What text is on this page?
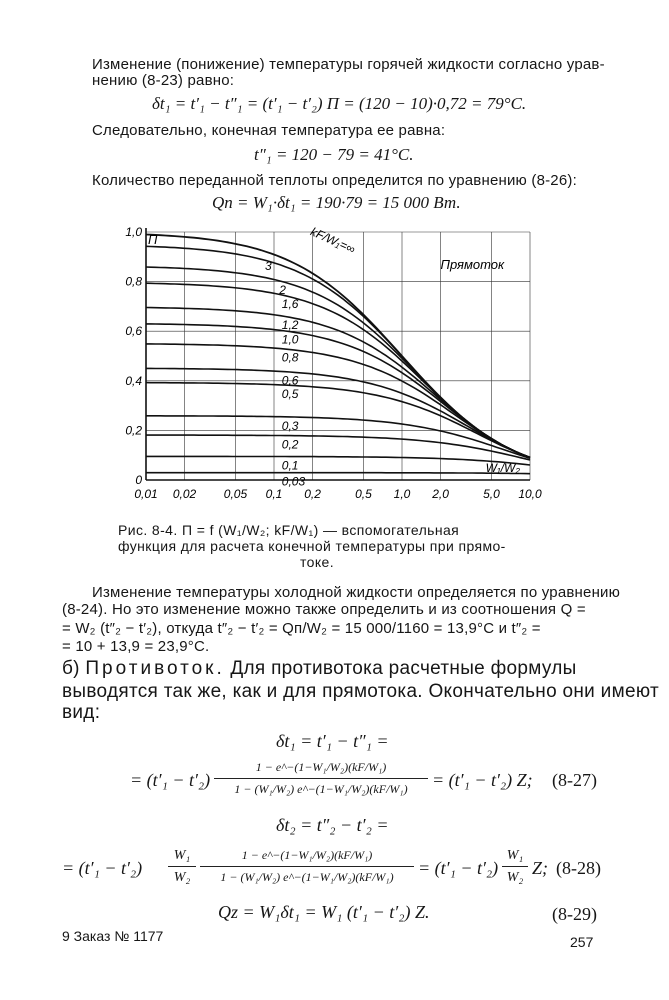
Изменение (понижение) температуры горячей жидкости согласно урав-
нению (8-23) равно:
δt₁ = t′₁ − t″₁ = (t′₁ − t′₂) П = (120 − 10)·0,72 = 79°C.
Следовательно, конечная температура ее равна:
t″₁ = 120 − 79 = 41°C.
Количество переданной теплоты определится по уравнению (8-26):
Qп = W₁·δt₁ = 190·79 = 15 000 Вт.
0,01 0,02 0,05 0,1 0,2	0,5 1,0 2,0	5,0 10,0
0
0,2
0,4
0,6
0,8
1,0	kF/W₁=∞
3
2
1,6
1,2
1,0
0,8
0,6
0,5
0,3
0,2
0,1
0,03
П
Прямоток
W₁/W₂
Рис. 8-4. П = f (W₁/W₂; kF/W₁) — вспомогательная
функция для расчета конечной температуры при прямо-
токе.
Изменение температуры холодной жидкости определяется по уравнению
(8-24). Но это изменение можно также определить и из соотношения Q =
= W₂ (t″₂ − t′₂), откуда t″₂ − t′₂ = Qп/W₂ = 15 000/1160 = 13,9°C и t″₂ =
= 10 + 13,9 = 23,9°C.
б) Противоток. Для противотока расчетные формулы
выводятся так же, как и для прямотока. Окончательно они имеют
вид:
δt₁ = t′₁ − t″₁ =
= (t′₁ − t′₂)
1 − e^−(1−W₁/W₂)(kF/W₁)
1 − (W₁/W₂) e^−(1−W₁/W₂)(kF/W₁)	= (t′₁ − t′₂) Z; (8-27)
δt₂ = t″₂ − t′₂ =
= (t′₁ − t′₂)
W₁
W₂
1 − e^−(1−W₁/W₂)(kF/W₁)
1 − (W₁/W₂) e^−(1−W₁/W₂)(kF/W₁)	= (t′₁ − t′₂)
W₁
W₂ Z; (8-28)
Qz = W₁δt₁ = W₁ (t′₁ − t′₂) Z.	(8-29)
9 Заказ № 1177	257
